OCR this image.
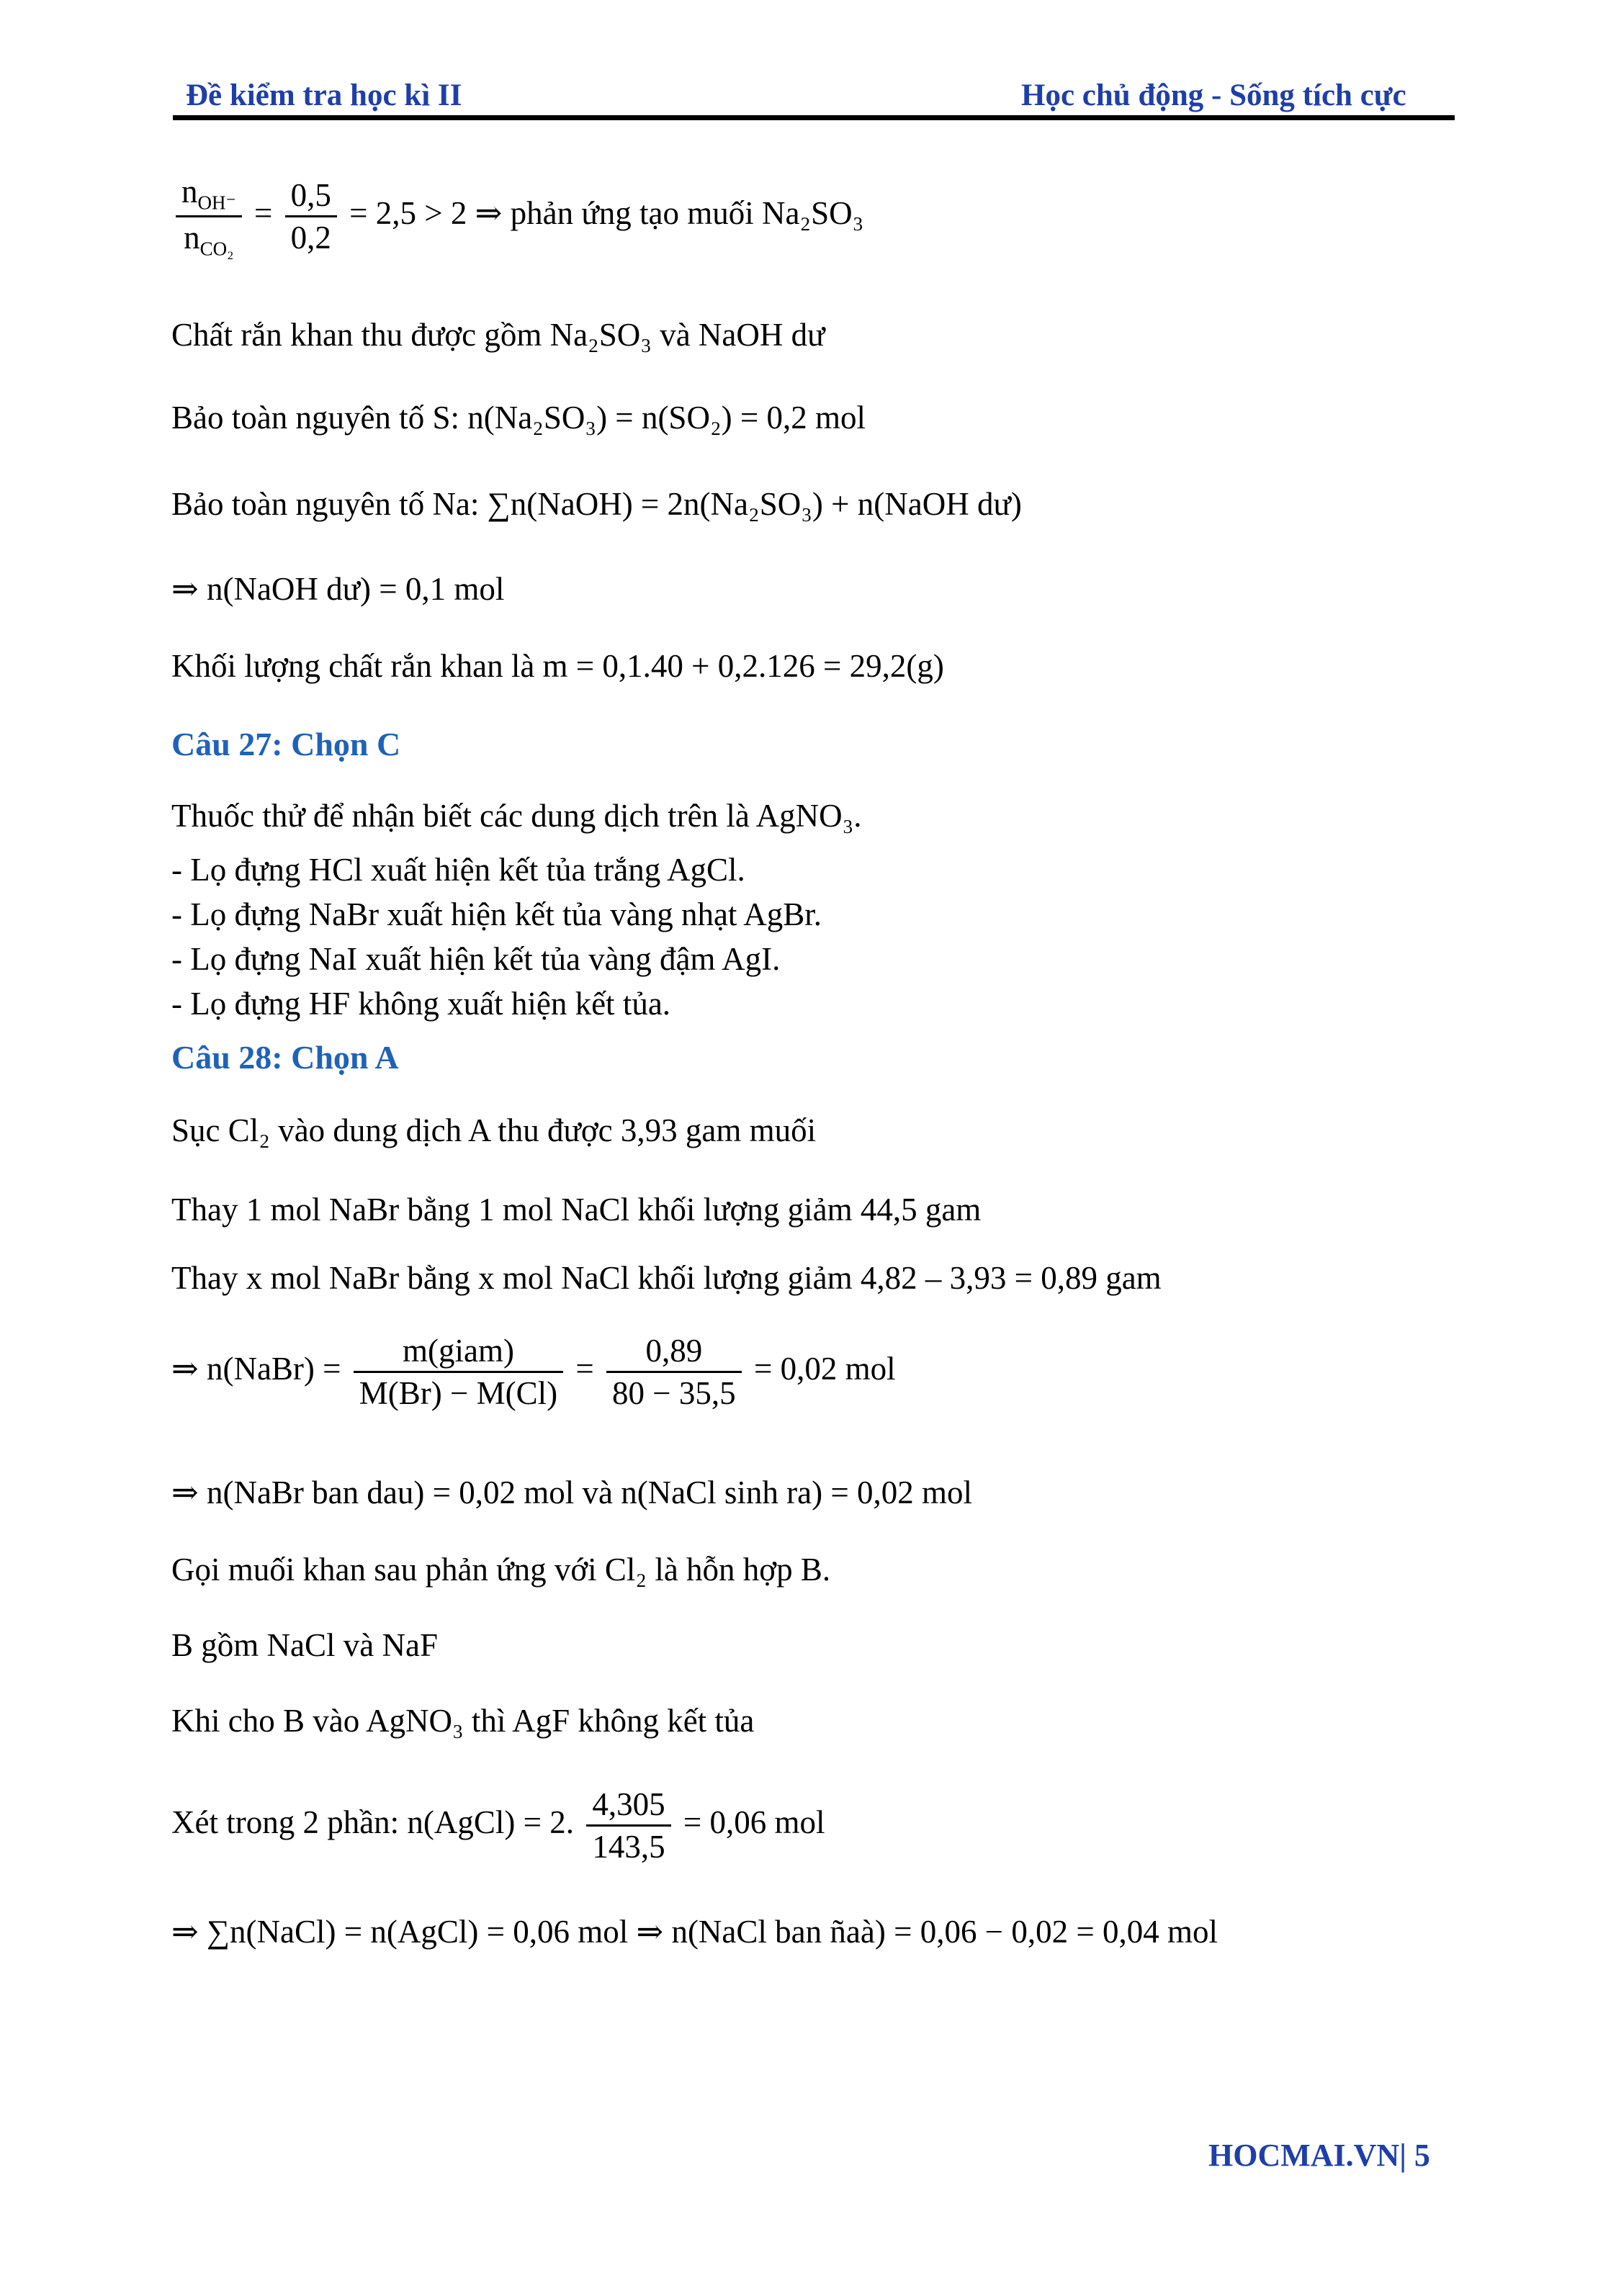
Đề kiểm tra học kì II	Học chủ động - Sống tích cực
$\frac{n_{OH^-}}{n_{CO_2}} = \frac{0,5}{0,2} = 2,5 > 2$ ⇒ phản ứng tạo muối Na₂SO₃
Chất rắn khan thu được gồm Na₂SO₃ và NaOH dư
Bảo toàn nguyên tố S: n(Na₂SO₃) = n(SO₂) = 0,2 mol
Bảo toàn nguyên tố Na: ∑n(NaOH) = 2n(Na₂SO₃) + n(NaOH dư)
⇒ n(NaOH dư) = 0,1 mol
Khối lượng chất rắn khan là m = 0,1.40 + 0,2.126 = 29,2(g)
Câu 27: Chọn C
Thuốc thử để nhận biết các dung dịch trên là AgNO₃.
- Lọ đựng HCl xuất hiện kết tủa trắng AgCl.
- Lọ đựng NaBr xuất hiện kết tủa vàng nhạt AgBr.
- Lọ đựng NaI xuất hiện kết tủa vàng đậm AgI.
- Lọ đựng HF không xuất hiện kết tủa.
Câu 28: Chọn A
Sục Cl₂ vào dung dịch A thu được 3,93 gam muối
Thay 1 mol NaBr bằng 1 mol NaCl khối lượng giảm 44,5 gam
Thay x mol NaBr bằng x mol NaCl khối lượng giảm 4,82 – 3,93 = 0,89 gam
⇒ n(NaBr) = $\frac{\text{m(giam)}}{M(Br) - M(Cl)} = \frac{0,89}{80 - 35,5} = 0,02$ mol
⇒ n(NaBr ban dau) = 0,02 mol và n(NaCl sinh ra) = 0,02 mol
Gọi muối khan sau phản ứng với Cl₂ là hỗn hợp B.
B gồm NaCl và NaF
Khi cho B vào AgNO₃ thì AgF không kết tủa
Xét trong 2 phần: n(AgCl) = 2. $\frac{4,305}{143,5} = 0,06$ mol
⇒ ∑n(NaCl) = n(AgCl) = 0,06 mol ⇒ n(NaCl ban ñaà) = 0,06 − 0,02 = 0,04 mol
HOCMAI.VN| 5
